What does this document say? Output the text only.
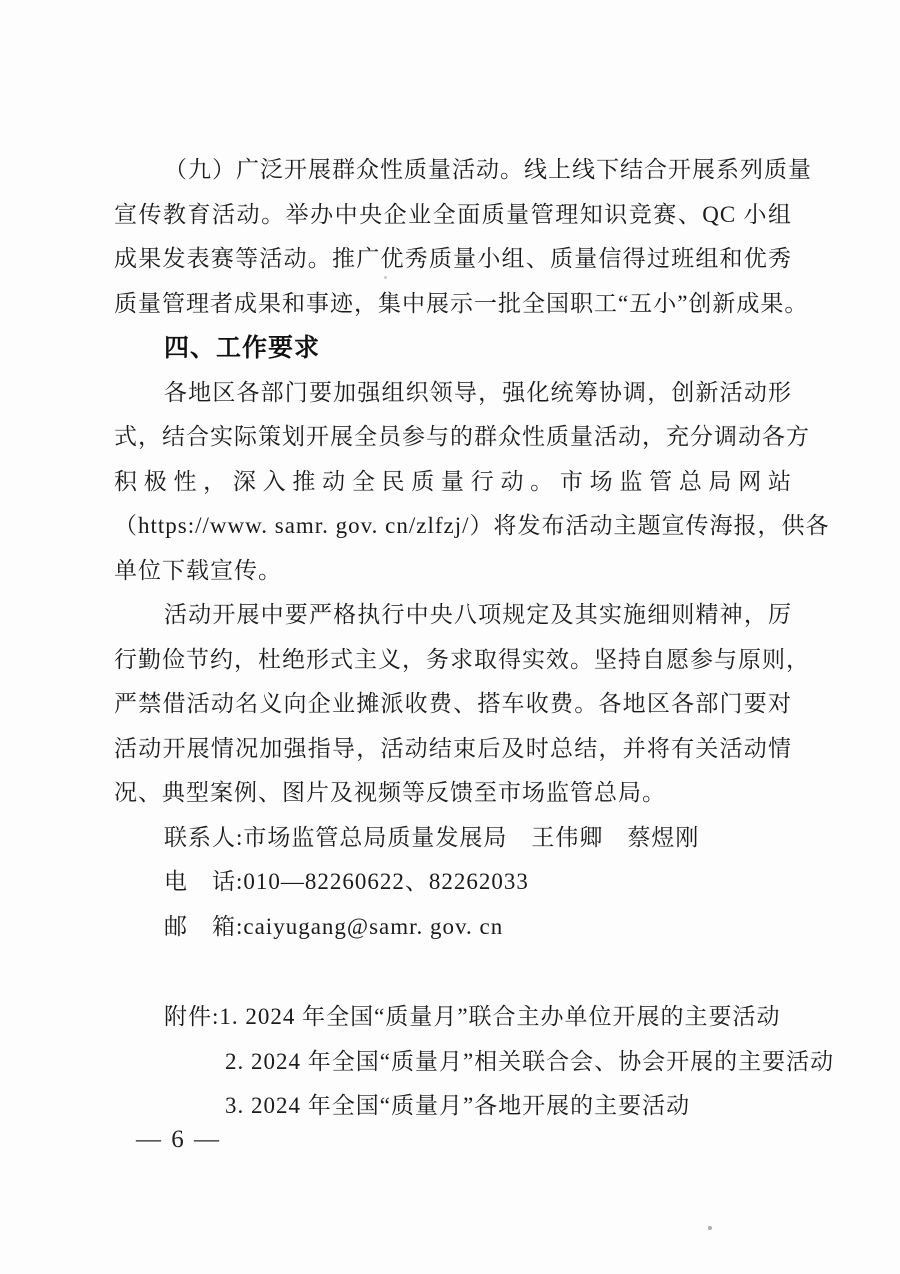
（九）广泛开展群众性质量活动。线上线下结合开展系列质量
宣传教育活动。举办中央企业全面质量管理知识竞赛、QC 小组
成果发表赛等活动。推广优秀质量小组、质量信得过班组和优秀
质量管理者成果和事迹，集中展示一批全国职工“五小”创新成果。
四、工作要求
各地区各部门要加强组织领导，强化统筹协调，创新活动形
式，结合实际策划开展全员参与的群众性质量活动，充分调动各方
积极性，深入推动全民质量行动。市场监管总局网站
（https://www. samr. gov. cn/zlfzj/）将发布活动主题宣传海报，供各
单位下载宣传。
活动开展中要严格执行中央八项规定及其实施细则精神，厉
行勤俭节约，杜绝形式主义，务求取得实效。坚持自愿参与原则，
严禁借活动名义向企业摊派收费、搭车收费。各地区各部门要对
活动开展情况加强指导，活动结束后及时总结，并将有关活动情
况、典型案例、图片及视频等反馈至市场监管总局。
联系人:市场监管总局质量发展局　王伟卿　蔡煜刚
电　话:010—82260622、82262033
邮　箱:caiyugang@samr. gov. cn
附件:1. 2024 年全国“质量月”联合主办单位开展的主要活动
2. 2024 年全国“质量月”相关联合会、协会开展的主要活动
3. 2024 年全国“质量月”各地开展的主要活动
— 6 —
